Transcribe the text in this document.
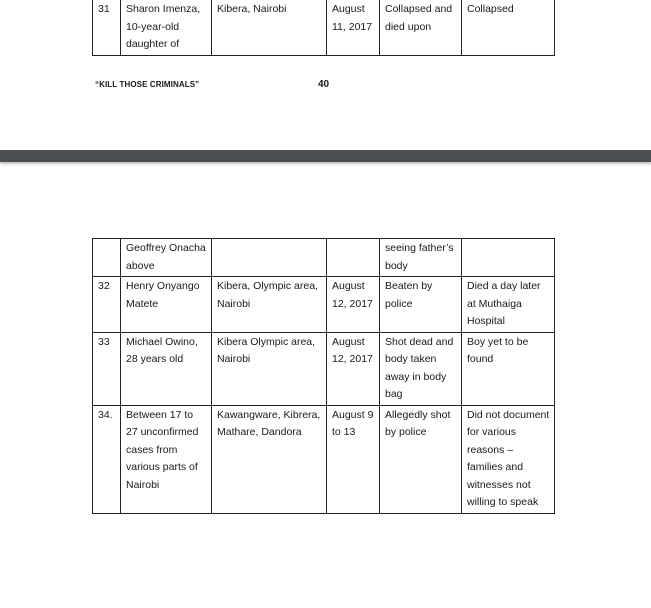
31	Sharon Imenza, 10-year-old daughter of	Kibera, Nairobi	August 11, 2017	Collapsed and died upon	Collapsed
“KILL THOSE CRIMINALS”	40
	Geoffrey Onacha above			seeing father’s body	
32	Henry Onyango Matete	Kibera, Olympic area, Nairobi	August 12, 2017	Beaten by police	Died a day later at Muthaiga Hospital
33	Michael Owino, 28 years old	Kibera Olympic area, Nairobi	August 12, 2017	Shot dead and body taken away in body bag	Boy yet to be found
34.	Between 17 to 27 unconfirmed cases from various parts of Nairobi	Kawangware, Kibrera, Mathare, Dandora	August 9 to 13	Allegedly shot by police	Did not document for various reasons – families and witnesses not willing to speak
